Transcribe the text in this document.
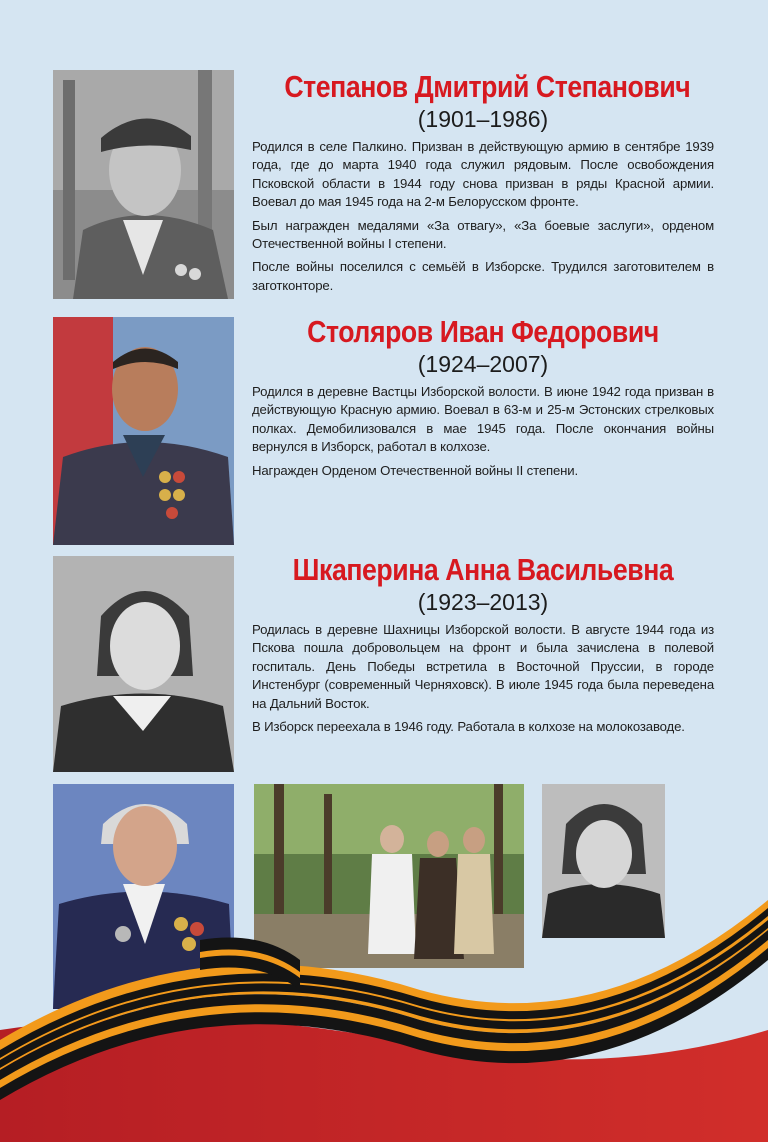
Степанов Дмитрий Степанович
(1901–1986)

Родился в селе Палкино. Призван в действующую армию в сентябре 1939 года, где до марта 1940 года служил рядовым. После освобождения Псковской области в 1944 году снова призван в ряды Красной армии. Воевал до мая 1945 года на 2-м Белорусском фронте.

Был награжден медалями «За отвагу», «За боевые заслуги», орденом Отечественной войны I степени.

После войны поселился с семьёй в Изборске. Трудился заготовителем в заготконторе.

Столяров Иван Федорович
(1924–2007)

Родился в деревне Вастцы Изборской волости. В июне 1942 года призван в действующую Красную армию. Воевал в 63-м и 25-м Эстонских стрелковых полках. Демобилизовался в мае 1945 года. После окончания войны вернулся в Изборск, работал в колхозе.

Награжден Орденом Отечественной войны II степени.

Шкаперина Анна Васильевна
(1923–2013)

Родилась в деревне Шахницы Изборской волости. В августе 1944 года из Пскова пошла добровольцем на фронт и была зачислена в полевой госпиталь. День Победы встретила в Восточной Пруссии, в городе Инстенбург (современный Черняховск). В июле 1945 года была переведена на Дальний Восток.

В Изборск переехала в 1946 году. Работала в колхозе на молокозаводе.
